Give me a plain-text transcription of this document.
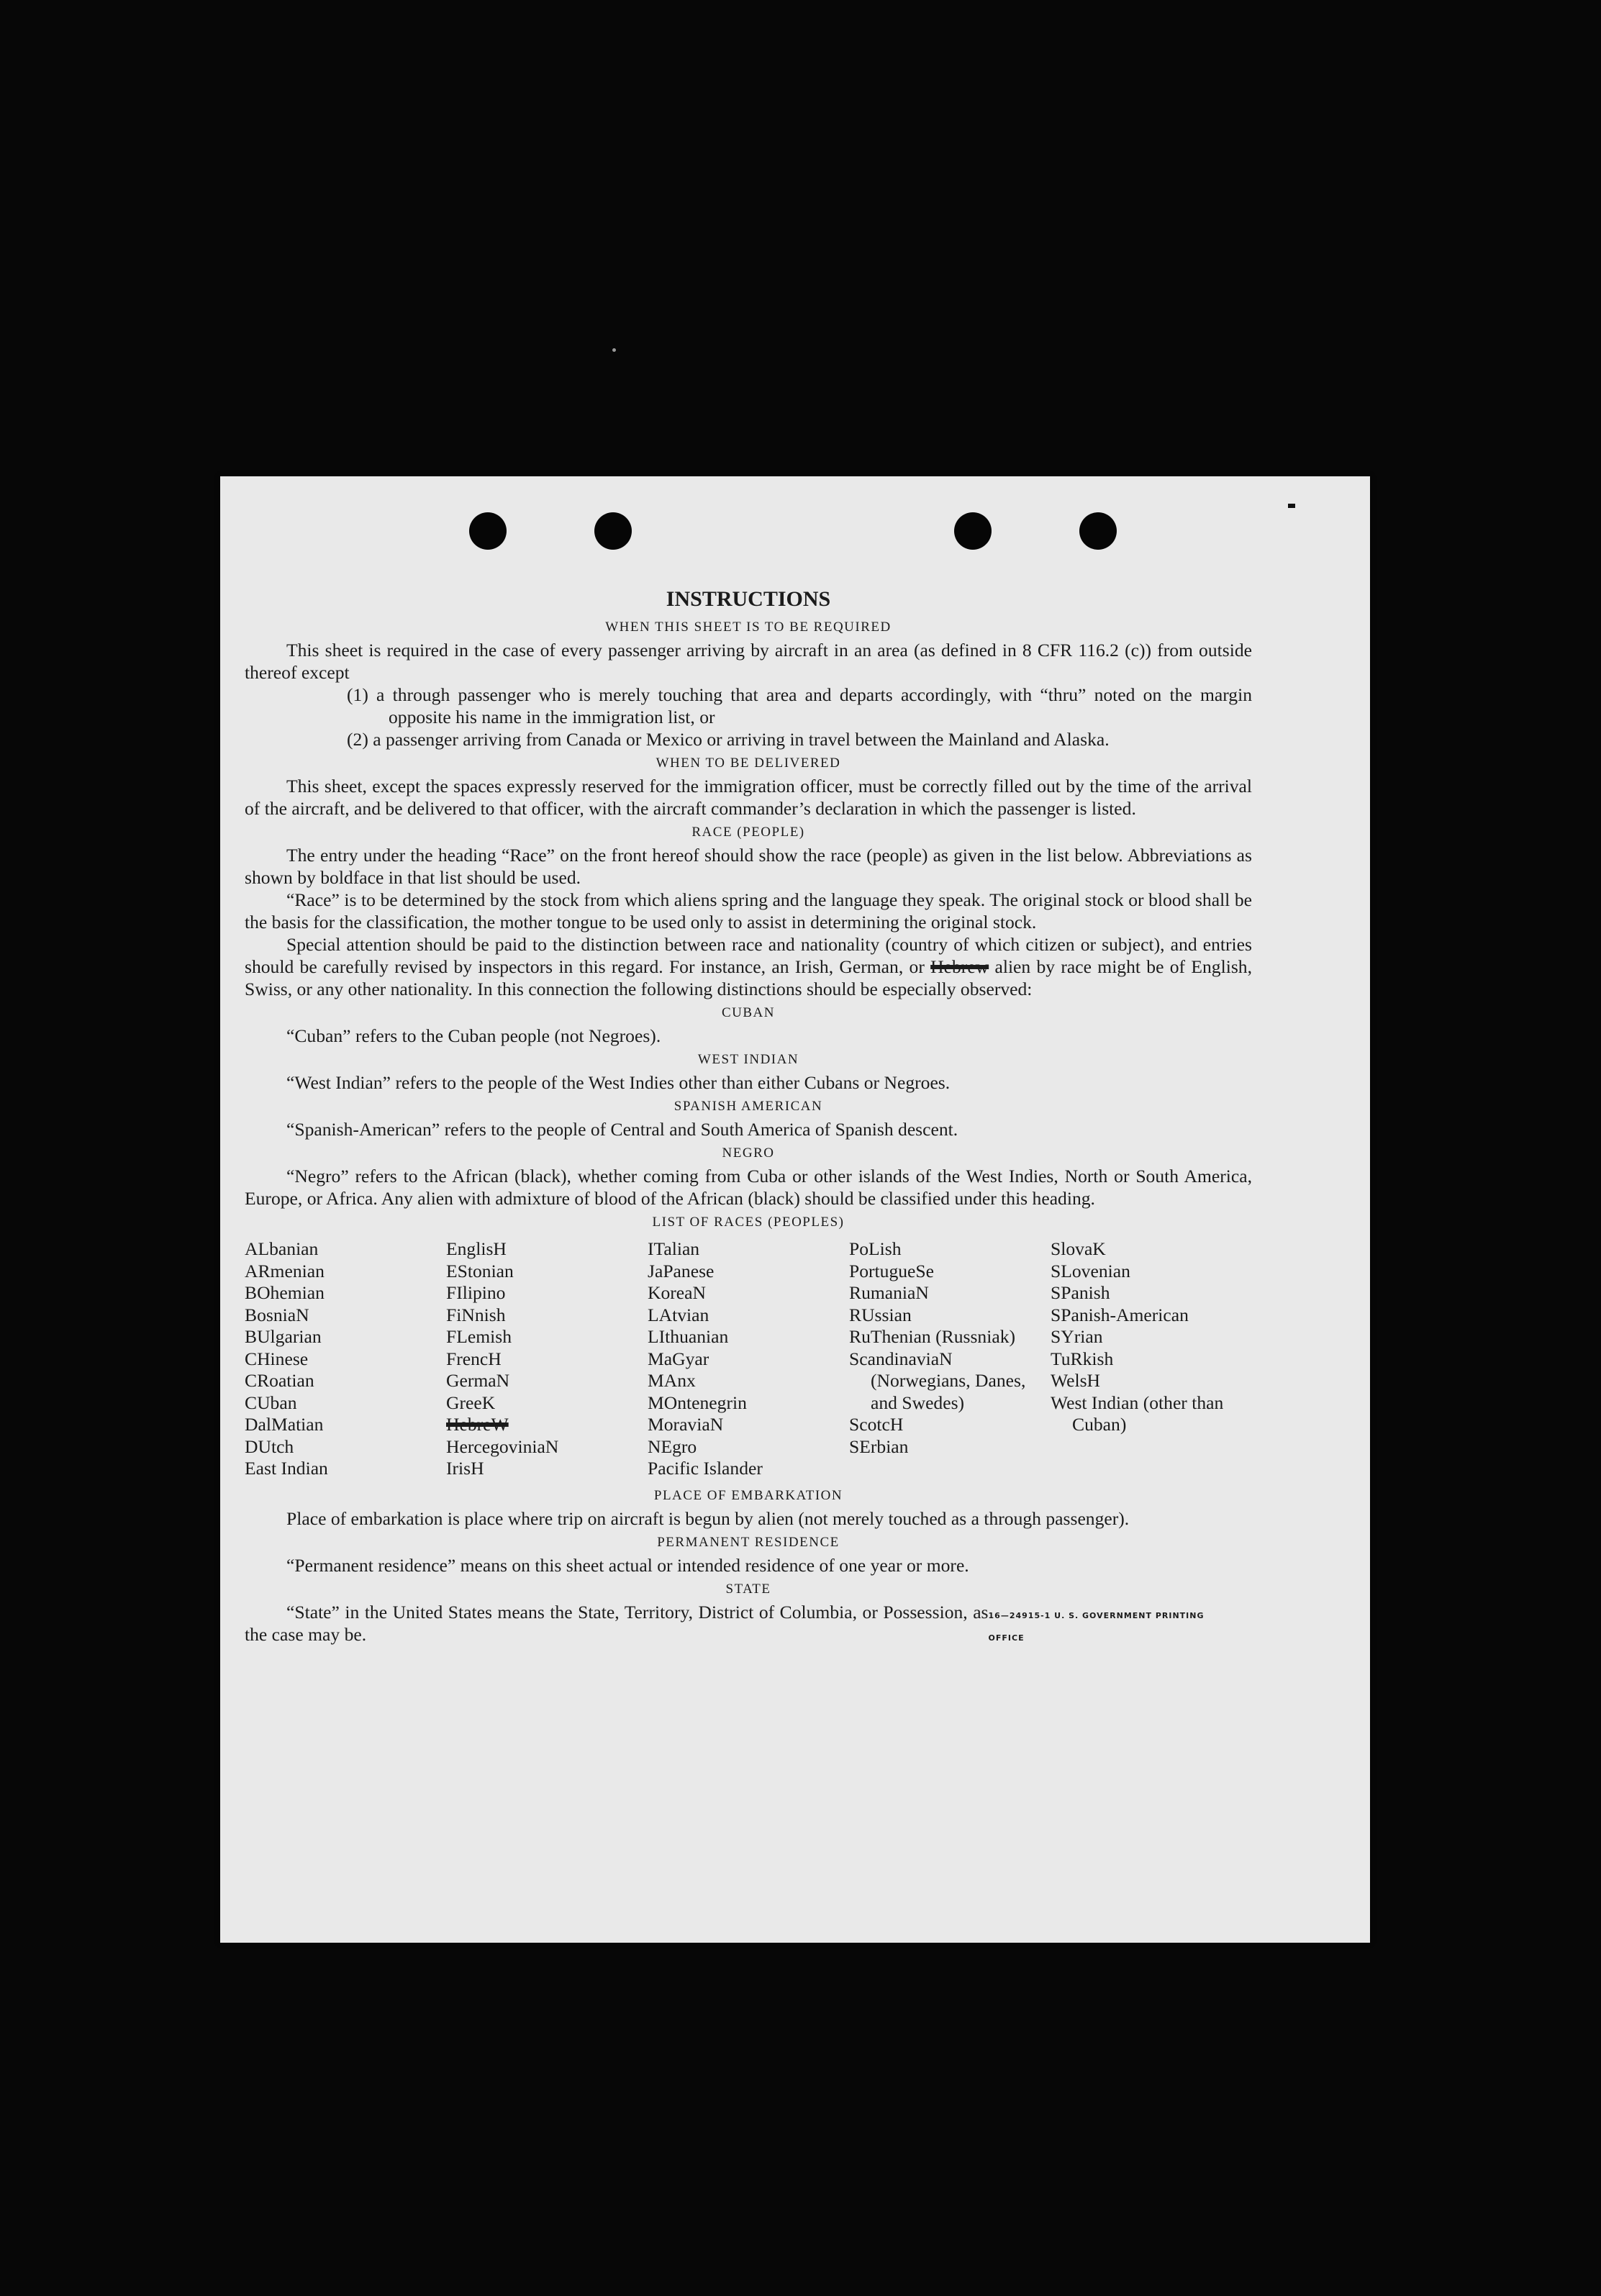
INSTRUCTIONS
WHEN THIS SHEET IS TO BE REQUIRED

This sheet is required in the case of every passenger arriving by aircraft in an area (as defined in 8 CFR 116.2 (c)) from outside thereof except

(1) a through passenger who is merely touching that area and departs accordingly, with “thru” noted on the margin opposite his name in the immigration list, or

(2) a passenger arriving from Canada or Mexico or arriving in travel between the Mainland and Alaska.

WHEN TO BE DELIVERED

This sheet, except the spaces expressly reserved for the immigration officer, must be correctly filled out by the time of the arrival of the aircraft, and be delivered to that officer, with the aircraft commander’s declaration in which the passenger is listed.

RACE (PEOPLE)

The entry under the heading “Race” on the front hereof should show the race (people) as given in the list below. Abbreviations as shown by boldface in that list should be used.

“Race” is to be determined by the stock from which aliens spring and the language they speak. The original stock or blood shall be the basis for the classification, the mother tongue to be used only to assist in determining the original stock.

Special attention should be paid to the distinction between race and nationality (country of which citizen or subject), and entries should be carefully revised by inspectors in this regard. For instance, an Irish, German, or Hebrew alien by race might be of English, Swiss, or any other nationality. In this connection the following distinctions should be especially observed:

CUBAN

“Cuban” refers to the Cuban people (not Negroes).

WEST INDIAN

“West Indian” refers to the people of the West Indies other than either Cubans or Negroes.

SPANISH AMERICAN

“Spanish-American” refers to the people of Central and South America of Spanish descent.

NEGRO

“Negro” refers to the African (black), whether coming from Cuba or other islands of the West Indies, North or South America, Europe, or Africa. Any alien with admixture of blood of the African (black) should be classified under this heading.

LIST OF RACES (PEOPLES)
ALbanian
ARmenian
BOhemian
BosniaN
BUlgarian
CHinese
CRoatian
CUban
DalMatian
DUtch
East Indian
EnglisH
EStonian
FIlipino
FiNnish
FLemish
FrencH
GermaN
GreeK
HebreW
HercegoviniaN
IrisH
ITalian
JaPanese
KoreaN
LAtvian
LIthuanian
MaGyar
MAnx
MOntenegrin
MoraviaN
NEgro
Pacific Islander
PoLish
PortugueSe
RumaniaN
RUssian
RuThenian (Russniak)
ScandinaviaN (Norwegians, Danes, and Swedes)
ScotcH
SErbian
SlovaK
SLovenian
SPanish
SPanish-American
SYrian
TuRkish
WelsH
West Indian (other than Cuban)
PLACE OF EMBARKATION

Place of embarkation is place where trip on aircraft is begun by alien (not merely touched as a through passenger).

PERMANENT RESIDENCE

“Permanent residence” means on this sheet actual or intended residence of one year or more.

STATE

“State” in the United States means the State, Territory, District of Columbia, or Possession, as the case may be.

16—24915-1 U. S. GOVERNMENT PRINTING OFFICE
